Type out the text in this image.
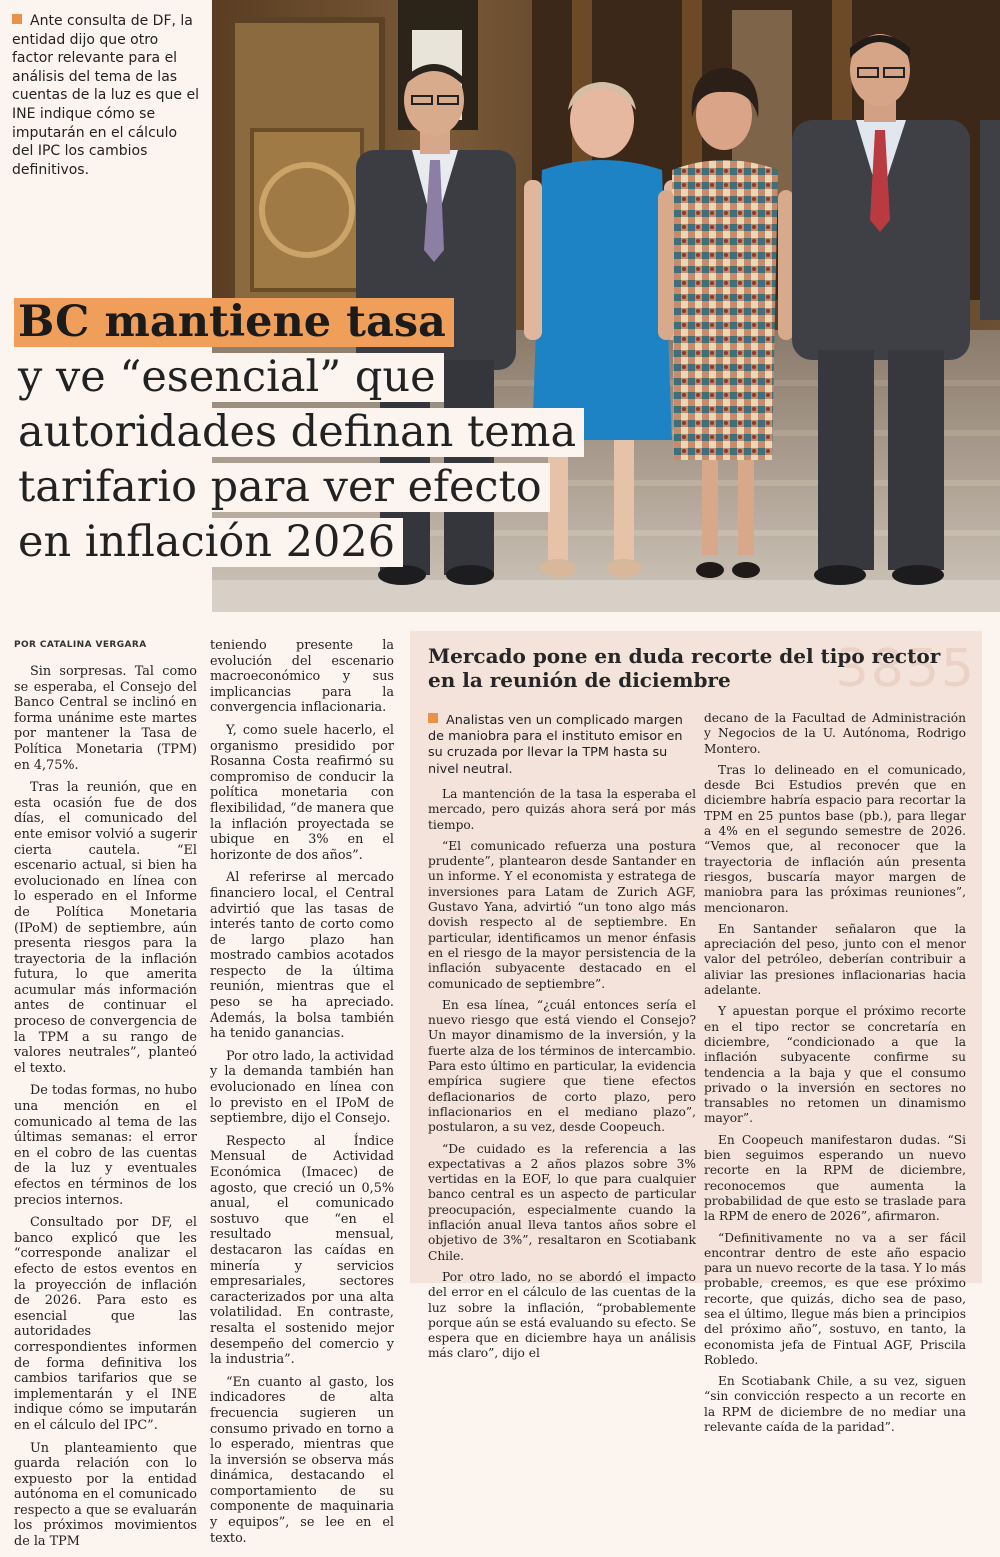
Ante consulta de DF, la entidad dijo que otro factor relevante para el análisis del tema de las cuentas de la luz es que el INE indique cómo se imputarán en el cálculo del IPC los cambios definitivos.
BC mantiene tasa
y ve “esencial” que
autoridades definan tema
tarifario para ver efecto
en inflación 2026
POR CATALINA VERGARA

Sin sorpresas. Tal como se esperaba, el Consejo del Banco Central se inclinó en forma unánime este martes por mantener la Tasa de Política Monetaria (TPM) en 4,75%.

Tras la reunión, que en esta ocasión fue de dos días, el comunicado del ente emisor volvió a sugerir cierta cautela. “El escenario actual, si bien ha evolucionado en línea con lo esperado en el Informe de Política Monetaria (IPoM) de septiembre, aún presenta riesgos para la trayectoria de la inflación futura, lo que amerita acumular más información antes de continuar el proceso de convergencia de la TPM a su rango de valores neutrales”, planteó el texto.

De todas formas, no hubo una mención en el comunicado al tema de las últimas semanas: el error en el cobro de las cuentas de la luz y eventuales efectos en términos de los precios internos.

Consultado por DF, el banco explicó que les “corresponde analizar el efecto de estos eventos en la proyección de inflación de 2026. Para esto es esencial que las autoridades correspondientes informen de forma definitiva los cambios tarifarios que se implementarán y el INE indique cómo se imputarán en el cálculo del IPC”.

Un planteamiento que guarda relación con lo expuesto por la entidad autónoma en el comunicado respecto a que se evaluarán los próximos movimientos de la TPM

teniendo presente la evolución del escenario macroeconómico y sus implicancias para la convergencia inflacionaria.

Y, como suele hacerlo, el organismo presidido por Rosanna Costa reafirmó su compromiso de conducir la política monetaria con flexibilidad, “de manera que la inflación proyectada se ubique en 3% en el horizonte de dos años”.

Al referirse al mercado financiero local, el Central advirtió que las tasas de interés tanto de corto como de largo plazo han mostrado cambios acotados respecto de la última reunión, mientras que el peso se ha apreciado. Además, la bolsa también ha tenido ganancias.

Por otro lado, la actividad y la demanda también han evolucionado en línea con lo previsto en el IPoM de septiembre, dijo el Consejo.

Respecto al Índice Mensual de Actividad Económica (Imacec) de agosto, que creció un 0,5% anual, el comunicado sostuvo que “en el resultado mensual, destacaron las caídas en minería y servicios empresariales, sectores caracterizados por una alta volatilidad. En contraste, resalta el sostenido mejor desempeño del comercio y la industria”.

“En cuanto al gasto, los indicadores de alta frecuencia sugieren un consumo privado en torno a lo esperado, mientras que la inversión se observa más dinámica, destacando el comportamiento de su componente de maquinaria y equipos”, se lee en el texto.

3855
Mercado pone en duda recorte del tipo rector en la reunión de diciembre
Analistas ven un complicado margen de maniobra para el instituto emisor en su cruzada por llevar la TPM hasta su nivel neutral.

La mantención de la tasa la esperaba el mercado, pero quizás ahora será por más tiempo.

“El comunicado refuerza una postura prudente”, plantearon desde Santander en un informe. Y el economista y estratega de inversiones para Latam de Zurich AGF, Gustavo Yana, advirtió “un tono algo más dovish respecto al de septiembre. En particular, identificamos un menor énfasis en el riesgo de la mayor persistencia de la inflación subyacente destacado en el comunicado de septiembre”.

En esa línea, “¿cuál entonces sería el nuevo riesgo que está viendo el Consejo? Un mayor dinamismo de la inversión, y la fuerte alza de los términos de intercambio. Para esto último en particular, la evidencia empírica sugiere que tiene efectos deflacionarios de corto plazo, pero inflacionarios en el mediano plazo”, postularon, a su vez, desde Coopeuch.

“De cuidado es la referencia a las expectativas a 2 años plazos sobre 3% vertidas en la EOF, lo que para cualquier banco central es un aspecto de particular preocupación, especialmente cuando la inflación anual lleva tantos años sobre el objetivo de 3%”, resaltaron en Scotiabank Chile.

Por otro lado, no se abordó el impacto del error en el cálculo de las cuentas de la luz sobre la inflación, “probablemente porque aún se está evaluando su efecto. Se espera que en diciembre haya un análisis más claro”, dijo el

decano de la Facultad de Administración y Negocios de la U. Autónoma, Rodrigo Montero.

Tras lo delineado en el comunicado, desde Bci Estudios prevén que en diciembre habría espacio para recortar la TPM en 25 puntos base (pb.), para llegar a 4% en el segundo semestre de 2026. “Vemos que, al reconocer que la trayectoria de inflación aún presenta riesgos, buscaría mayor margen de maniobra para las próximas reuniones”, mencionaron.

En Santander señalaron que la apreciación del peso, junto con el menor valor del petróleo, deberían contribuir a aliviar las presiones inflacionarias hacia adelante.

Y apuestan porque el próximo recorte en el tipo rector se concretaría en diciembre, “condicionado a que la inflación subyacente confirme su tendencia a la baja y que el consumo privado o la inversión en sectores no transables no retomen un dinamismo mayor”.

En Coopeuch manifestaron dudas. “Si bien seguimos esperando un nuevo recorte en la RPM de diciembre, reconocemos que aumenta la probabilidad de que esto se traslade para la RPM de enero de 2026”, afirmaron.

“Definitivamente no va a ser fácil encontrar dentro de este año espacio para un nuevo recorte de la tasa. Y lo más probable, creemos, es que ese próximo recorte, que quizás, dicho sea de paso, sea el último, llegue más bien a principios del próximo año”, sostuvo, en tanto, la economista jefa de Fintual AGF, Priscila Robledo.

En Scotiabank Chile, a su vez, siguen “sin convicción respecto a un recorte en la RPM de diciembre de no mediar una relevante caída de la paridad”.
